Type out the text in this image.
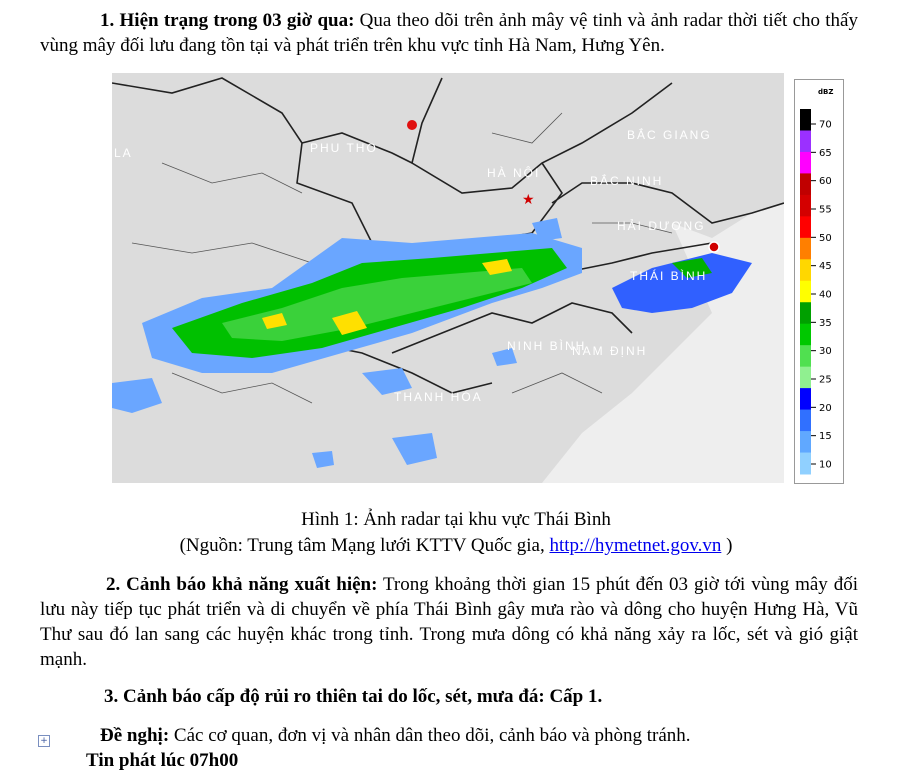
1. Hiện trạng trong 03 giờ qua: Qua theo dõi trên ảnh mây vệ tinh và ảnh radar thời tiết cho thấy vùng mây đối lưu đang tồn tại và phát triển trên khu vực tỉnh Hà Nam, Hưng Yên.
LA	PHU THO
HÀ NỘI
BẮC GIANG
BẮC NINH
HẢI DƯƠNG
THÁI BÌNH
NINH BÌNH
NAM ĐỊNH
THANH HÓA
★
dBZ
70
65
60
55
50
45
40
35
30
25
20
15
10
Hình 1: Ảnh radar tại khu vực Thái Bình
(Nguồn: Trung tâm Mạng lưới KTTV Quốc gia, http://hymetnet.gov.vn )
2. Cảnh báo khả năng xuất hiện: Trong khoảng thời gian 15 phút đến 03 giờ tới vùng mây đối lưu này tiếp tục phát triển và di chuyển về phía Thái Bình gây mưa rào và dông cho huyện Hưng Hà, Vũ Thư sau đó lan sang các huyện khác trong tỉnh. Trong mưa dông có khả năng xảy ra lốc, sét và gió giật mạnh.
3. Cảnh báo cấp độ rủi ro thiên tai do lốc, sét, mưa đá: Cấp 1.
+	Đề nghị: Các cơ quan, đơn vị và nhân dân theo dõi, cảnh báo và phòng tránh.
Tin phát lúc 07h00
